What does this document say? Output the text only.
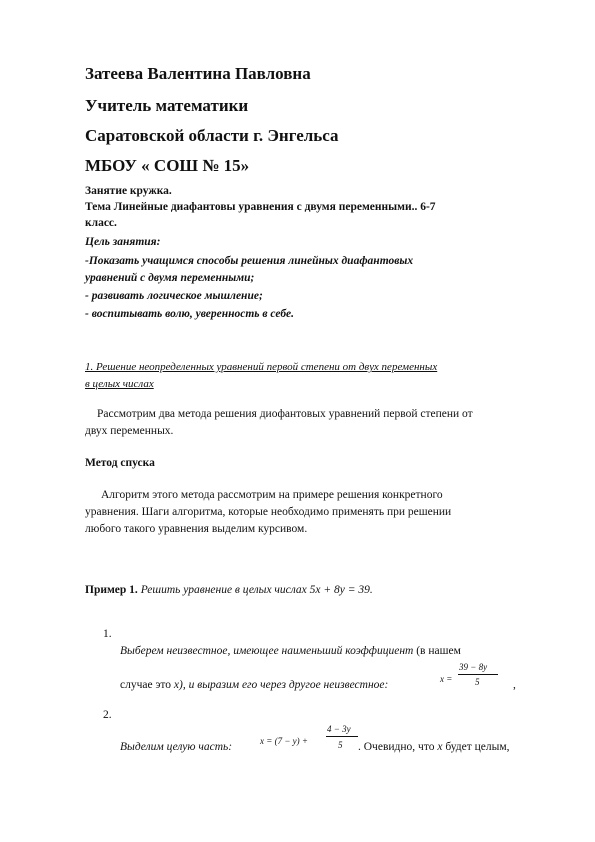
Затеева Валентина Павловна
Учитель математики
Саратовской области г. Энгельса
МБОУ « СОШ № 15»
Занятие кружка.
Тема Линейные диафантовы уравнения с двумя переменными.. 6-7
класс.
Цель занятия:
-Показать учащимся способы решения линейных диафантовых
уравнений с двумя переменными;
- развивать логическое мышление;
- воспитывать волю, уверенность в себе.
1. Решение неопределенных уравнений первой степени от двух переменных
в целых числах
Рассмотрим два метода решения диофантовых уравнений первой степени от
двух переменных.
Метод спуска
Алгоритм этого метода рассмотрим на примере решения конкретного
уравнения. Шаги алгоритма, которые необходимо применять при решении
любого такого уравнения выделим курсивом.
Пример 1. Решить уравнение в целых числах 5x + 8y = 39.
1.
Выберем неизвестное, имеющее наименьший коэффициент (в нашем
случае это x), и выразим его через другое неизвестное:	x =
39 − 8y
5	,
2.
Выделим целую часть:	x = (7 − y) +
4 − 3y
5 . Очевидно, что x будет целым,
